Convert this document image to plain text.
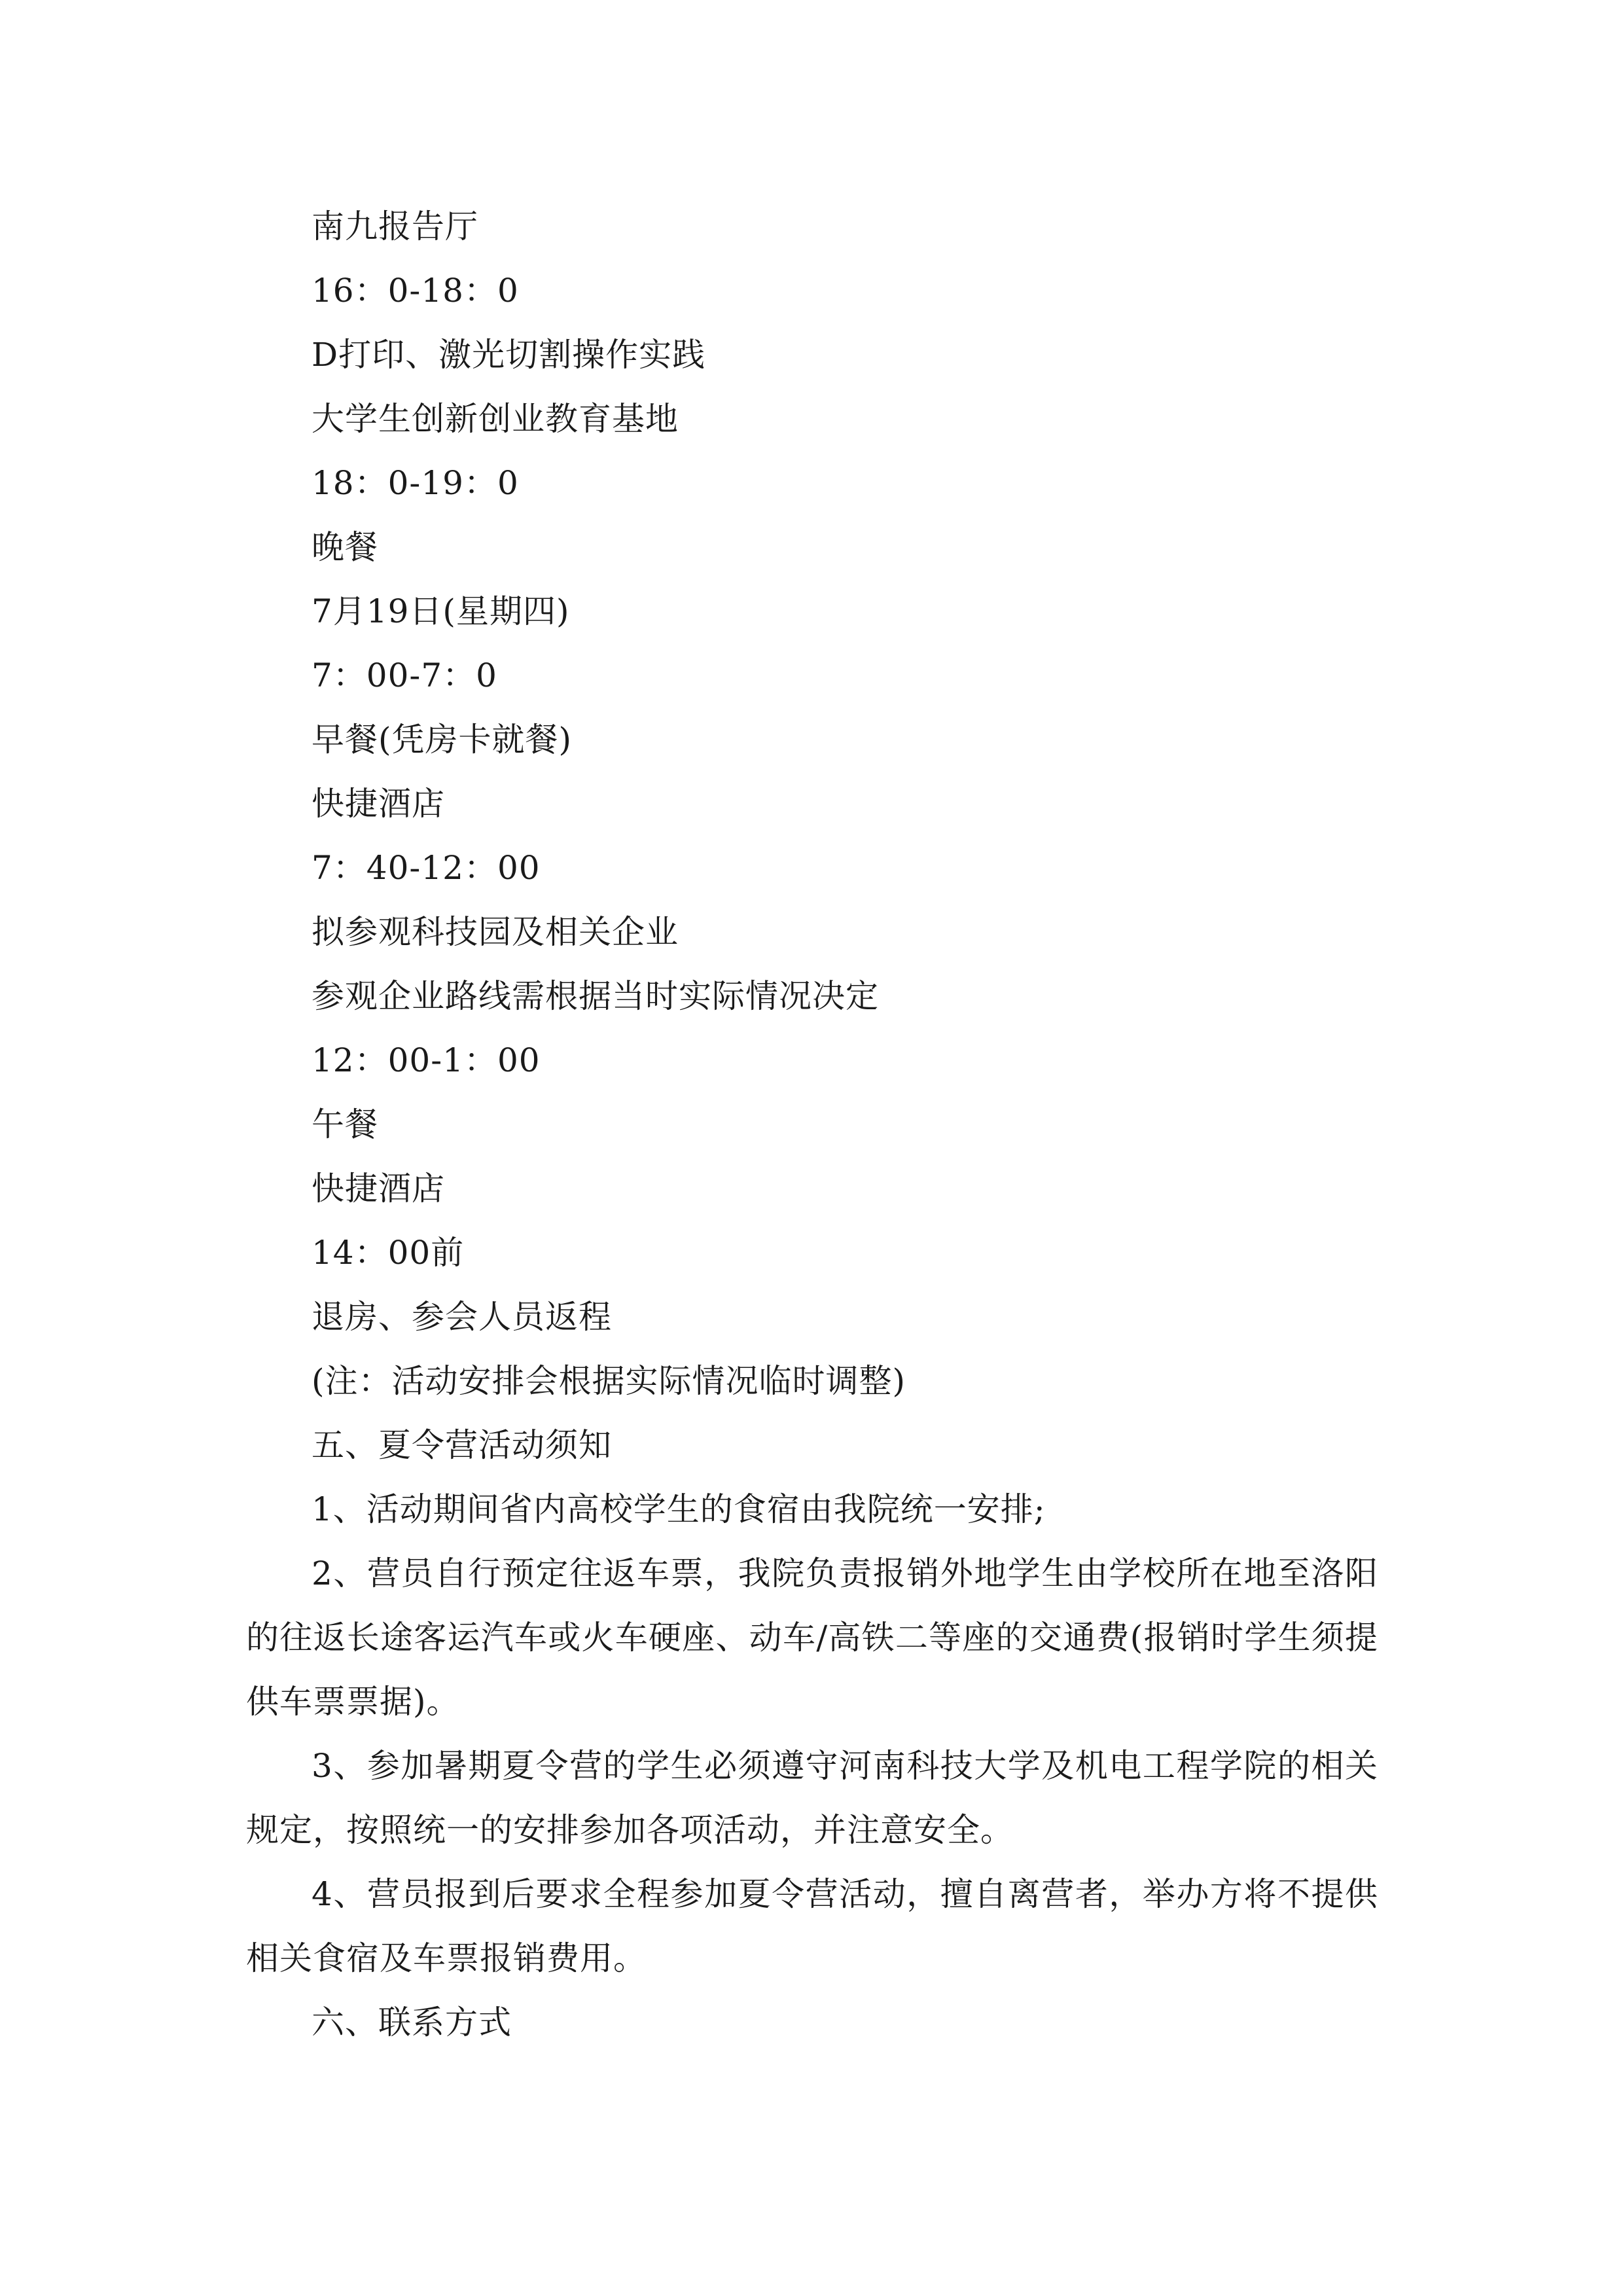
南九报告厅
16：0-18：0
D打印、激光切割操作实践
大学生创新创业教育基地
18：0-19：0
晚餐
7月19日(星期四)
7：00-7：0
早餐(凭房卡就餐)
快捷酒店
7：40-12：00
拟参观科技园及相关企业
参观企业路线需根据当时实际情况决定
12：00-1：00
午餐
快捷酒店
14：00前
退房、参会人员返程
(注：活动安排会根据实际情况临时调整)
五、夏令营活动须知
1、活动期间省内高校学生的食宿由我院统一安排;
2、营员自行预定往返车票，我院负责报销外地学生由学校所在地至洛阳的往返长途客运汽车或火车硬座、动车/高铁二等座的交通费(报销时学生须提供车票票据)。
3、参加暑期夏令营的学生必须遵守河南科技大学及机电工程学院的相关规定，按照统一的安排参加各项活动，并注意安全。
4、营员报到后要求全程参加夏令营活动，擅自离营者，举办方将不提供相关食宿及车票报销费用。
六、联系方式
